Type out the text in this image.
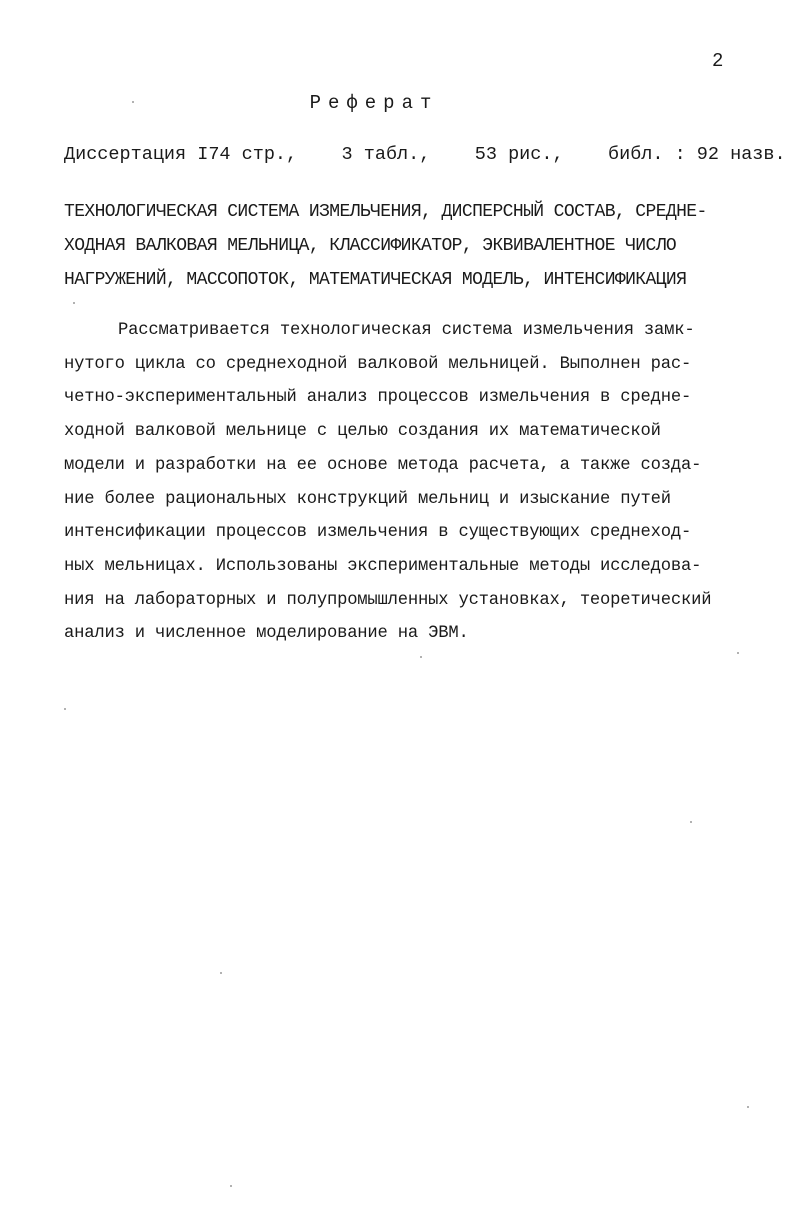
2
Реферат
Диссертация I74 стр.,    3 табл.,    53 рис.,    библ. : 92 назв.
ТЕХНОЛОГИЧЕСКАЯ СИСТЕМА ИЗМЕЛЬЧЕНИЯ, ДИСПЕРСНЫЙ СОСТАВ, СРЕДНЕ-
ХОДНАЯ ВАЛКОВАЯ МЕЛЬНИЦА, КЛАССИФИКАТОР, ЭКВИВАЛЕНТНОЕ ЧИСЛО
НАГРУЖЕНИЙ, МАССОПОТОК, МАТЕМАТИЧЕСКАЯ МОДЕЛЬ, ИНТЕНСИФИКАЦИЯ
Рассматривается технологическая система измельчения замк-
нутого цикла со среднеходной валковой мельницей. Выполнен рас-
четно-экспериментальный анализ процессов измельчения в средне-
ходной валковой мельнице с целью создания их математической
модели и разработки на ее основе метода расчета, а также созда-
ние более рациональных конструкций мельниц и изыскание путей
интенсификации процессов измельчения в существующих среднеход-
ных мельницах. Использованы экспериментальные методы исследова-
ния на лабораторных и полупромышленных установках, теоретический
анализ и численное моделирование на ЭВМ.
